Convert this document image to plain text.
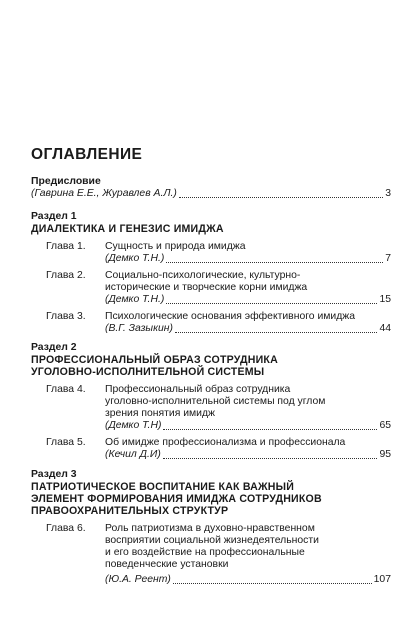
ОГЛАВЛЕНИЕ
Предисловие
(Гаврина Е.Е., Журавлев А.Л.)	3
Раздел 1
ДИАЛЕКТИКА И ГЕНЕЗИС ИМИДЖА
Глава 1. Сущность и природа имиджа
(Демко Т.Н.)	7
Глава 2. Социально-психологические, культурно-
исторические и творческие корни имиджа
(Демко Т.Н.)	15
Глава 3. Психологические основания эффективного имиджа
(В.Г. Зазыкин)	44
Раздел 2
ПРОФЕССИОНАЛЬНЫЙ ОБРАЗ СОТРУДНИКА
УГОЛОВНО-ИСПОЛНИТЕЛЬНОЙ СИСТЕМЫ
Глава 4. Профессиональный образ сотрудника
уголовно-исполнительной системы под углом
зрения понятия имидж
(Демко Т.Н)	65
Глава 5. Об имидже профессионализма и профессионала
(Кечил Д.И)	95
Раздел 3
ПАТРИОТИЧЕСКОЕ ВОСПИТАНИЕ КАК ВАЖНЫЙ
ЭЛЕМЕНТ ФОРМИРОВАНИЯ ИМИДЖА СОТРУДНИКОВ
ПРАВООХРАНИТЕЛЬНЫХ СТРУКТУР
Глава 6. Роль патриотизма в духовно-нравственном
восприятии социальной жизнедеятельности
и его воздействие на профессиональные
поведенческие установки
(Ю.А. Реент)	107
